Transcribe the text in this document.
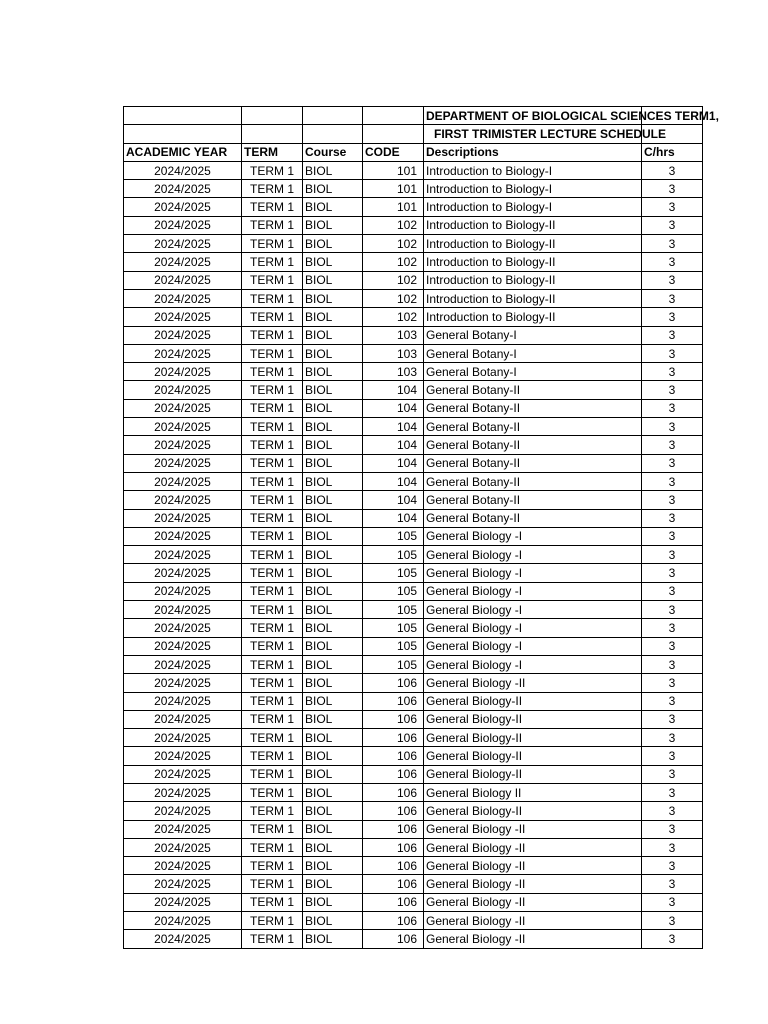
				DEPARTMENT OF BIOLOGICAL SCIENCES TERM1,	

				FIRST TRIMISTER LECTURE SCHEDULE	

ACADEMIC YEAR	TERM	Course	CODE	Descriptions	C/hrs
2024/2025	TERM 1	BIOL	101	Introduction to Biology-I	3
2024/2025	TERM 1	BIOL	101	Introduction to Biology-I	3
2024/2025	TERM 1	BIOL	101	Introduction to Biology-I	3
2024/2025	TERM 1	BIOL	102	Introduction to Biology-II	3
2024/2025	TERM 1	BIOL	102	Introduction to Biology-II	3
2024/2025	TERM 1	BIOL	102	Introduction to Biology-II	3
2024/2025	TERM 1	BIOL	102	Introduction to Biology-II	3
2024/2025	TERM 1	BIOL	102	Introduction to Biology-II	3
2024/2025	TERM 1	BIOL	102	Introduction to Biology-II	3
2024/2025	TERM 1	BIOL	103	General Botany-I	3
2024/2025	TERM 1	BIOL	103	General Botany-I	3
2024/2025	TERM 1	BIOL	103	General Botany-I	3
2024/2025	TERM 1	BIOL	104	General Botany-II	3
2024/2025	TERM 1	BIOL	104	General Botany-II	3
2024/2025	TERM 1	BIOL	104	General Botany-II	3
2024/2025	TERM 1	BIOL	104	General Botany-II	3
2024/2025	TERM 1	BIOL	104	General Botany-II	3
2024/2025	TERM 1	BIOL	104	General Botany-II	3
2024/2025	TERM 1	BIOL	104	General Botany-II	3
2024/2025	TERM 1	BIOL	104	General Botany-II	3
2024/2025	TERM 1	BIOL	105	General Biology -I	3
2024/2025	TERM 1	BIOL	105	General Biology -I	3
2024/2025	TERM 1	BIOL	105	General Biology -I	3
2024/2025	TERM 1	BIOL	105	General Biology -I	3
2024/2025	TERM 1	BIOL	105	General Biology -I	3
2024/2025	TERM 1	BIOL	105	General Biology -I	3
2024/2025	TERM 1	BIOL	105	General Biology -I	3
2024/2025	TERM 1	BIOL	105	General Biology -I	3
2024/2025	TERM 1	BIOL	106	General Biology -II	3
2024/2025	TERM 1	BIOL	106	General Biology-II	3
2024/2025	TERM 1	BIOL	106	General Biology-II	3
2024/2025	TERM 1	BIOL	106	General Biology-II	3
2024/2025	TERM 1	BIOL	106	General Biology-II	3
2024/2025	TERM 1	BIOL	106	General Biology-II	3
2024/2025	TERM 1	BIOL	106	General Biology II	3
2024/2025	TERM 1	BIOL	106	General Biology-II	3
2024/2025	TERM 1	BIOL	106	General Biology -II	3
2024/2025	TERM 1	BIOL	106	General Biology -II	3
2024/2025	TERM 1	BIOL	106	General Biology -II	3
2024/2025	TERM 1	BIOL	106	General Biology -II	3
2024/2025	TERM 1	BIOL	106	General Biology -II	3
2024/2025	TERM 1	BIOL	106	General Biology -II	3
2024/2025	TERM 1	BIOL	106	General Biology -II	3
